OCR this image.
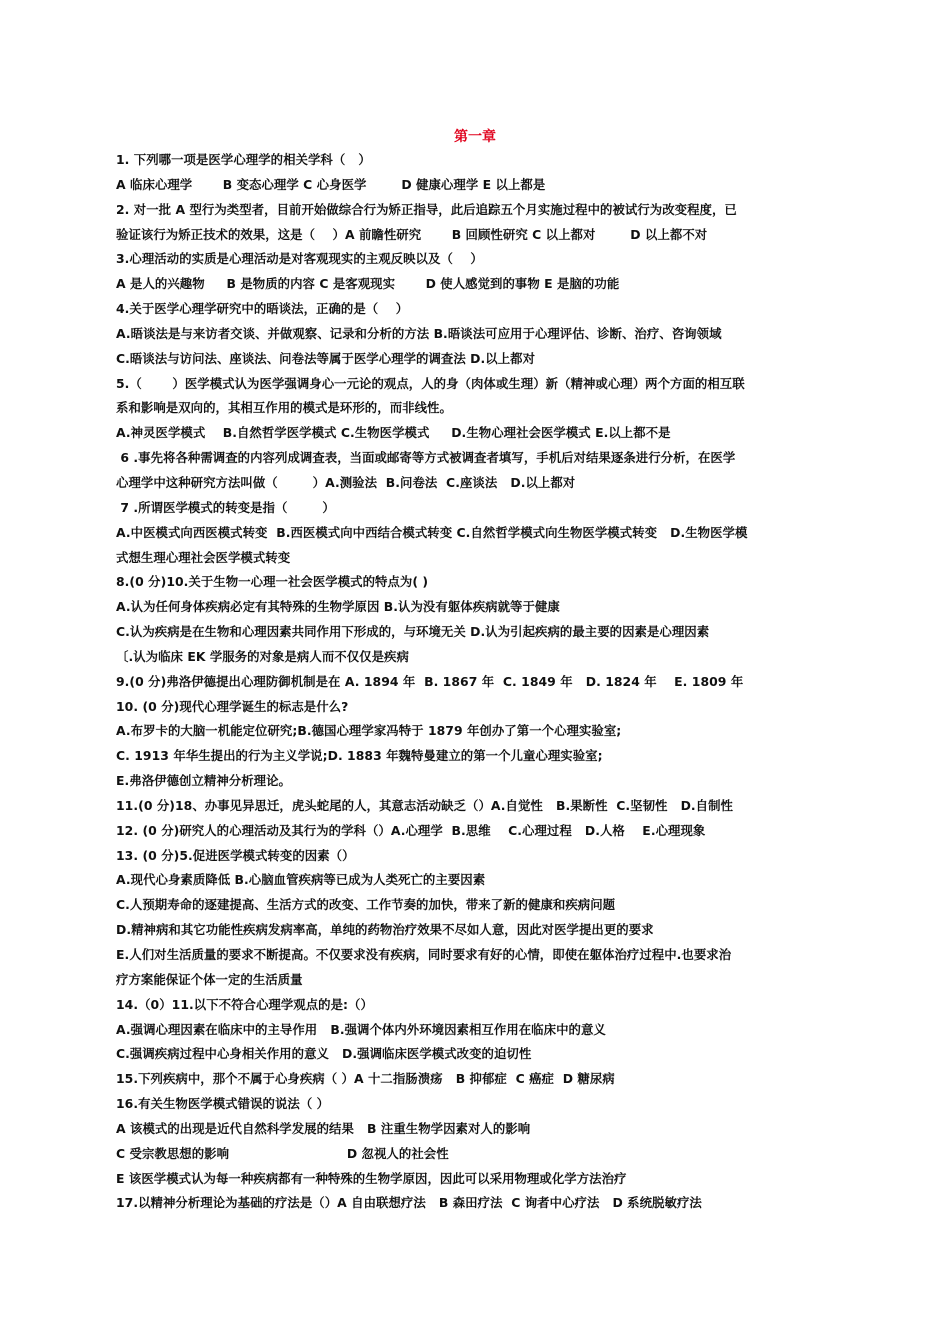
第一章
1. 下列哪一项是医学心理学的相关学科（   ）
A 临床心理学       B 变态心理学 C 心身医学        D 健康心理学 E 以上都是
2. 对一批 A 型行为类型者，目前开始做综合行为矫正指导，此后追踪五个月实施过程中的被试行为改变程度，已
验证该行为矫正技术的效果，这是（    ）A 前瞻性研究       B 回顾性研究 C 以上都对        D 以上都不对
3.心理活动的实质是心理活动是对客观现实的主观反映以及（    ）
A 是人的兴趣物     B 是物质的内容 C 是客观现实       D 使人感觉到的事物 E 是脑的功能
4.关于医学心理学研究中的晤谈法，正确的是（    ）
A.晤谈法是与来访者交谈、并做观察、记录和分析的方法 B.晤谈法可应用于心理评估、诊断、治疗、咨询领域
C.晤谈法与访问法、座谈法、问卷法等属于医学心理学的调查法 D.以上都对
5.（       ）医学模式认为医学强调身心一元论的观点，人的身（肉体或生理）新（精神或心理）两个方面的相互联
系和影响是双向的，其相互作用的模式是环形的，而非线性。
A.神灵医学模式    B.自然哲学医学模式 C.生物医学模式     D.生物心理社会医学模式 E.以上都不是
6 .事先将各种需调查的内容列成调查表，当面或邮寄等方式被调查者填写，手机后对结果逐条进行分析，在医学
心理学中这种研究方法叫做（        ）A.测验法  B.问卷法  C.座谈法   D.以上都对
7 .所谓医学模式的转变是指（        ）
A.中医模式向西医模式转变  B.西医模式向中西结合模式转变 C.自然哲学模式向生物医学模式转变   D.生物医学模
式想生理心理社会医学模式转变
8.(0 分)10.关于生物一心理一社会医学模式的特点为( )
A.认为任何身体疾病必定有其特殊的生物学原因 B.认为没有躯体疾病就等于健康
C.认为疾病是在生物和心理因素共同作用下形成的，与环境无关 D.认为引起疾病的最主要的因素是心理因素
〔.认为临床 EK 学服务的对象是病人而不仅仅是疾病
9.(0 分)弗洛伊德提出心理防御机制是在 A. 1894 年  B. 1867 年  C. 1849 年   D. 1824 年    E. 1809 年
10. (0 分)现代心理学诞生的标志是什么?
A.布罗卡的大脑一机能定位研究;B.德国心理学家冯特于 1879 年创办了第一个心理实验室;
C. 1913 年华生提出的行为主义学说;D. 1883 年魏特曼建立的第一个儿童心理实验室;
E.弗洛伊德创立精神分析理论。
11.(0 分)18、办事见异思迁，虎头蛇尾的人，其意志活动缺乏（）A.自觉性   B.果断性  C.坚韧性   D.自制性
12. (0 分)研究人的心理活动及其行为的学科（）A.心理学  B.思维    C.心理过程   D.人格    E.心理现象
13. (0 分)5.促进医学模式转变的因素（）
A.现代心身素质降低 B.心脑血管疾病等已成为人类死亡的主要因素
C.人预期寿命的逐建提高、生活方式的改变、工作节奏的加快，带来了新的健康和疾病问题
D.精神病和其它功能性疾病发病率高，单纯的药物治疗效果不尽如人意，因此对医学提出更的要求
E.人们对生活质量的要求不断提高。不仅要求没有疾病，同时要求有好的心情，即使在躯体治疗过程中.也要求治
疗方案能保证个体一定的生活质量
14.（0）11.以下不符合心理学观点的是:（）
A.强调心理因素在临床中的主导作用   B.强调个体内外环境因素相互作用在临床中的意义
C.强调疾病过程中心身相关作用的意义   D.强调临床医学模式改变的迫切性
15.下列疾病中，那个不属于心身疾病（ ）A 十二指肠溃疡   B 抑郁症  C 癌症  D 糖尿病
16.有关生物医学模式错误的说法（ ）
A 该模式的出现是近代自然科学发展的结果   B 注重生物学因素对人的影响
C 受宗教思想的影响                           D 忽视人的社会性
E 该医学模式认为每一种疾病都有一种特殊的生物学原因，因此可以采用物理或化学方法治疗
17.以精神分析理论为基础的疗法是（）A 自由联想疗法   B 森田疗法  C 询者中心疗法   D 系统脱敏疗法
